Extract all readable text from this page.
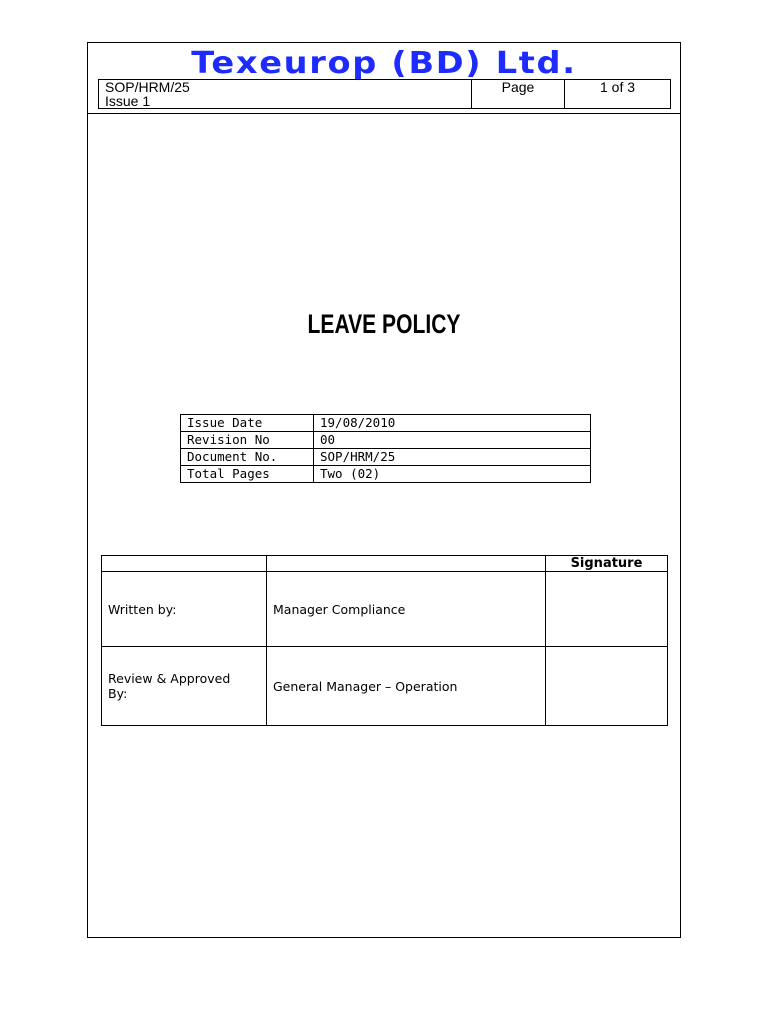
Texeurop (BD) Ltd.
SOP/HRM/25
Issue 1
	Page	1 of 3
LEAVE POLICY
Issue Date	19/08/2010
Revision No	00
Document No.	SOP/HRM/25
Total Pages	Two (02)
		Signature
Written by:	Manager Compliance	

Review & Approved
By:	General Manager – Operation	
